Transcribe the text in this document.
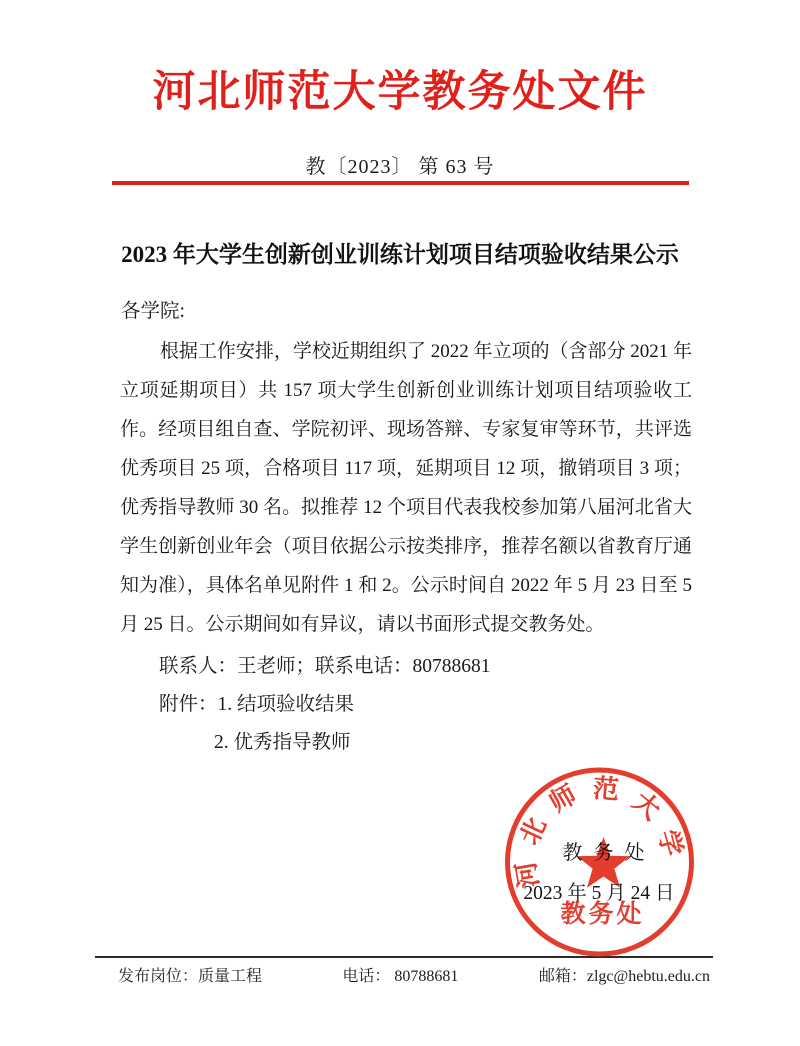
河北师范大学教务处文件
教〔2023〕 第 63 号
2023 年大学生创新创业训练计划项目结项验收结果公示
各学院:
根据工作安排，学校近期组织了 2022 年立项的（含部分 2021 年立项延期项目）共 157 项大学生创新创业训练计划项目结项验收工作。经项目组自查、学院初评、现场答辩、专家复审等环节，共评选优秀项目 25 项，合格项目 117 项，延期项目 12 项，撤销项目 3 项；优秀指导教师 30 名。拟推荐 12 个项目代表我校参加第八届河北省大学生创新创业年会（项目依据公示按类排序，推荐名额以省教育厅通知为准），具体名单见附件 1 和 2。公示时间自 2022 年 5 月 23 日至 5 月 25 日。公示期间如有异议，请以书面形式提交教务处。
联系人：王老师；联系电话：80788681
附件：1. 结项验收结果
2. 优秀指导教师
教 务 处
2023 年 5 月 24 日
河
北
师 范 大
学
教务处
发布岗位：质量工程	电话： 80788681	邮箱：zlgc@hebtu.edu.cn
